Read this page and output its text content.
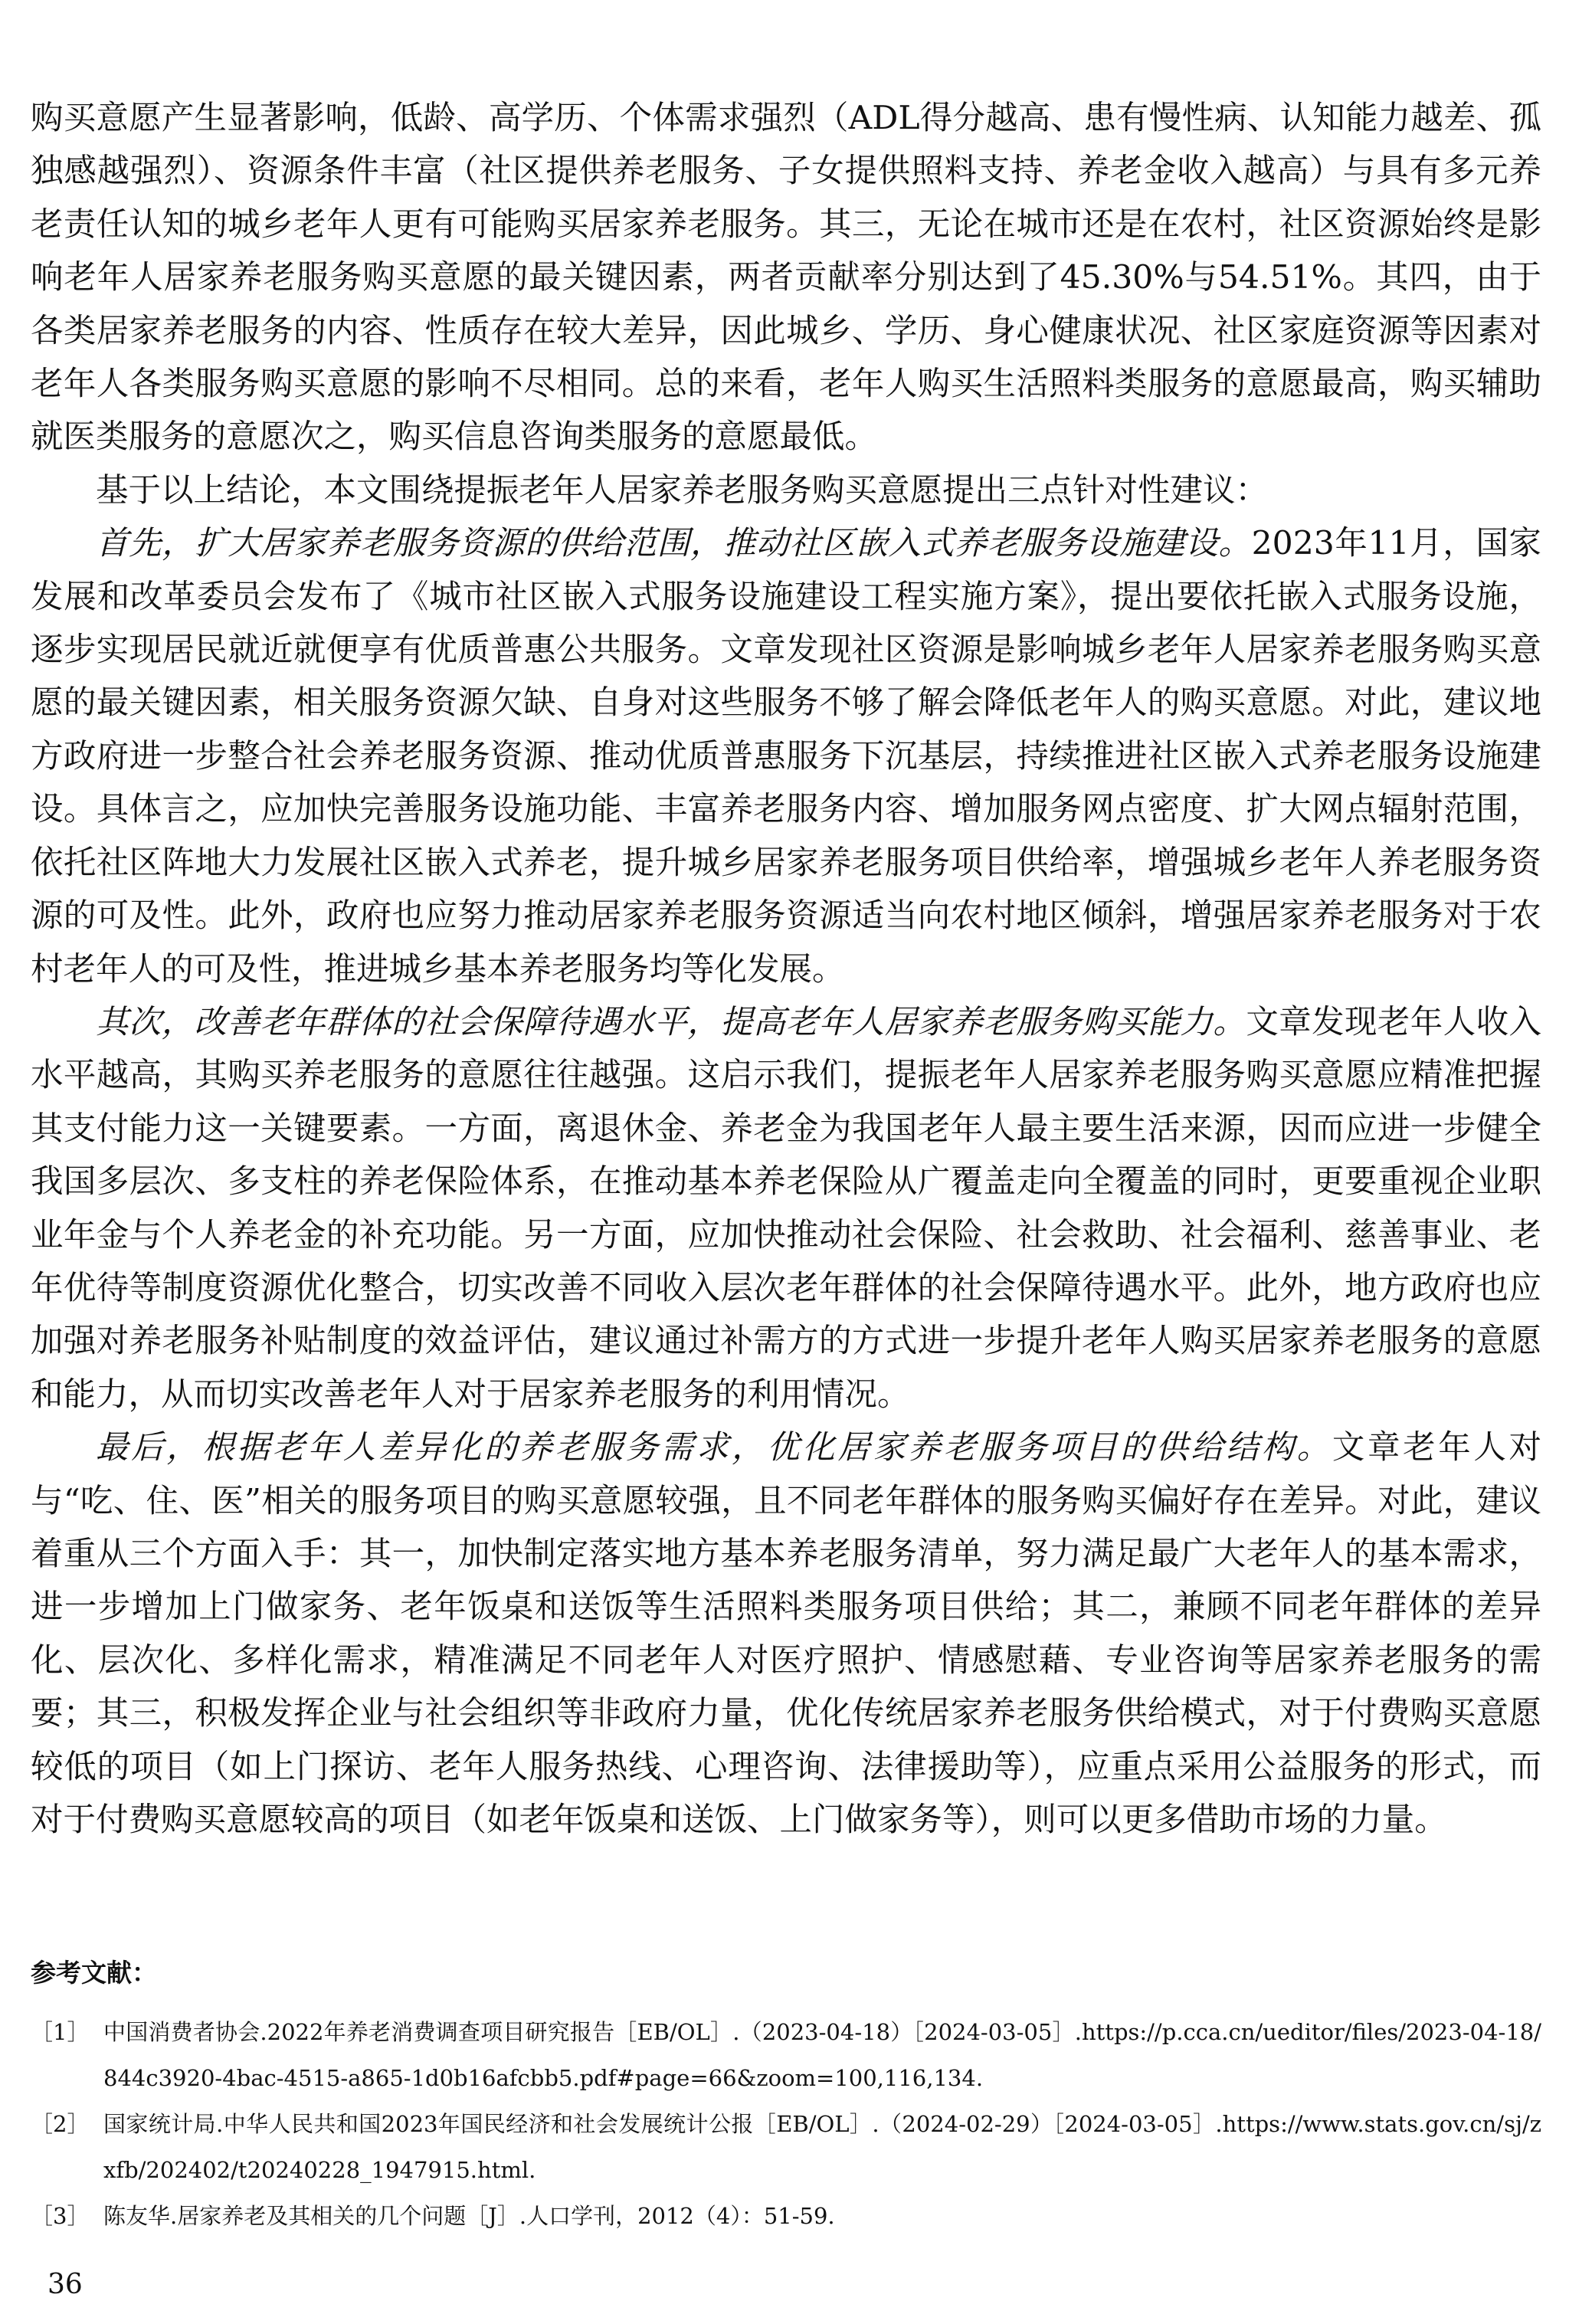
购买意愿产生显著影响，低龄、高学历、个体需求强烈（ADL得分越高、患有慢性病、认知能力越差、孤独感越强烈）、资源条件丰富（社区提供养老服务、子女提供照料支持、养老金收入越高）与具有多元养老责任认知的城乡老年人更有可能购买居家养老服务。其三，无论在城市还是在农村，社区资源始终是影响老年人居家养老服务购买意愿的最关键因素，两者贡献率分别达到了45.30%与54.51%。其四，由于各类居家养老服务的内容、性质存在较大差异，因此城乡、学历、身心健康状况、社区家庭资源等因素对老年人各类服务购买意愿的影响不尽相同。总的来看，老年人购买生活照料类服务的意愿最高，购买辅助就医类服务的意愿次之，购买信息咨询类服务的意愿最低。

基于以上结论，本文围绕提振老年人居家养老服务购买意愿提出三点针对性建议：

首先，扩大居家养老服务资源的供给范围，推动社区嵌入式养老服务设施建设。2023年11月，国家发展和改革委员会发布了《城市社区嵌入式服务设施建设工程实施方案》，提出要依托嵌入式服务设施，逐步实现居民就近就便享有优质普惠公共服务。文章发现社区资源是影响城乡老年人居家养老服务购买意愿的最关键因素，相关服务资源欠缺、自身对这些服务不够了解会降低老年人的购买意愿。对此，建议地方政府进一步整合社会养老服务资源、推动优质普惠服务下沉基层，持续推进社区嵌入式养老服务设施建设。具体言之，应加快完善服务设施功能、丰富养老服务内容、增加服务网点密度、扩大网点辐射范围，依托社区阵地大力发展社区嵌入式养老，提升城乡居家养老服务项目供给率，增强城乡老年人养老服务资源的可及性。此外，政府也应努力推动居家养老服务资源适当向农村地区倾斜，增强居家养老服务对于农村老年人的可及性，推进城乡基本养老服务均等化发展。

其次，改善老年群体的社会保障待遇水平，提高老年人居家养老服务购买能力。文章发现老年人收入水平越高，其购买养老服务的意愿往往越强。这启示我们，提振老年人居家养老服务购买意愿应精准把握其支付能力这一关键要素。一方面，离退休金、养老金为我国老年人最主要生活来源，因而应进一步健全我国多层次、多支柱的养老保险体系，在推动基本养老保险从广覆盖走向全覆盖的同时，更要重视企业职业年金与个人养老金的补充功能。另一方面，应加快推动社会保险、社会救助、社会福利、慈善事业、老年优待等制度资源优化整合，切实改善不同收入层次老年群体的社会保障待遇水平。此外，地方政府也应加强对养老服务补贴制度的效益评估，建议通过补需方的方式进一步提升老年人购买居家养老服务的意愿和能力，从而切实改善老年人对于居家养老服务的利用情况。

最后，根据老年人差异化的养老服务需求，优化居家养老服务项目的供给结构。文章老年人对与“吃、住、医”相关的服务项目的购买意愿较强，且不同老年群体的服务购买偏好存在差异。对此，建议着重从三个方面入手：其一，加快制定落实地方基本养老服务清单，努力满足最广大老年人的基本需求，进一步增加上门做家务、老年饭桌和送饭等生活照料类服务项目供给；其二，兼顾不同老年群体的差异化、层次化、多样化需求，精准满足不同老年人对医疗照护、情感慰藉、专业咨询等居家养老服务的需要；其三，积极发挥企业与社会组织等非政府力量，优化传统居家养老服务供给模式，对于付费购买意愿较低的项目（如上门探访、老年人服务热线、心理咨询、法律援助等），应重点采用公益服务的形式，而对于付费购买意愿较高的项目（如老年饭桌和送饭、上门做家务等），则可以更多借助市场的力量。

参考文献：

［1］ 中国消费者协会.2022年养老消费调查项目研究报告［EB/OL］.（2023-04-18）［2024-03-05］.https://p.cca.cn/ueditor/files/2023-04-18/844c3920-4bac-4515-a865-1d0b16afcbb5.pdf#page=66&zoom=100,116,134.
［2］ 国家统计局.中华人民共和国2023年国民经济和社会发展统计公报［EB/OL］.（2024-02-29）［2024-03-05］.https://www.stats.gov.cn/sj/zxfb/202402/t20240228_1947915.html.
［3］ 陈友华.居家养老及其相关的几个问题［J］.人口学刊，2012（4）：51-59.
36
